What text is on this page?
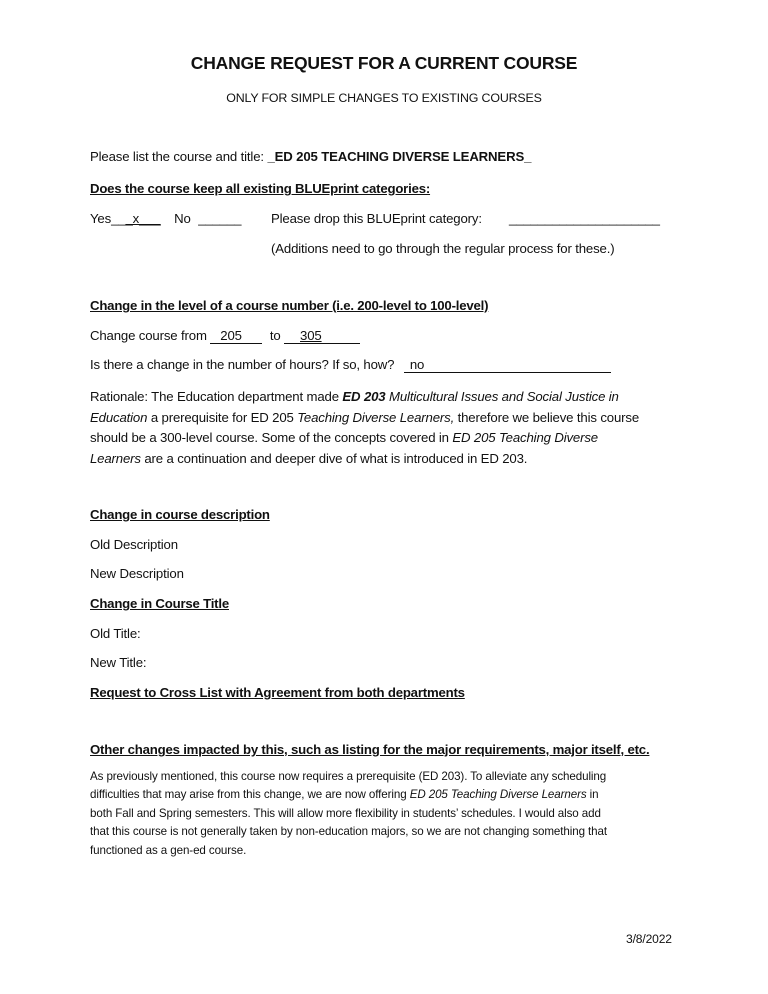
CHANGE REQUEST FOR A CURRENT COURSE
ONLY FOR SIMPLE CHANGES TO EXISTING COURSES
Please list the course and title: _ED 205 TEACHING DIVERSE LEARNERS_
Does the course keep all existing BLUEprint categories:
Yes___x___ No ______ Please drop this BLUEprint category: _____________________
(Additions need to go through the regular process for these.)
Change in the level of a course number (i.e. 200-level to 100-level)
Change course from 205 to 305
Is there a change in the number of hours? If so, how? no
Rationale: The Education department made ED 203 Multicultural Issues and Social Justice in
Education a prerequisite for ED 205 Teaching Diverse Learners, therefore we believe this course
should be a 300-level course. Some of the concepts covered in ED 205 Teaching Diverse
Learners are a continuation and deeper dive of what is introduced in ED 203.
Change in course description
Old Description
New Description
Change in Course Title
Old Title:
New Title:
Request to Cross List with Agreement from both departments
Other changes impacted by this, such as listing for the major requirements, major itself, etc.
As previously mentioned, this course now requires a prerequisite (ED 203). To alleviate any scheduling
difficulties that may arise from this change, we are now offering ED 205 Teaching Diverse Learners in
both Fall and Spring semesters. This will allow more flexibility in students’ schedules. I would also add
that this course is not generally taken by non-education majors, so we are not changing something that
functioned as a gen-ed course.
3/8/2022
